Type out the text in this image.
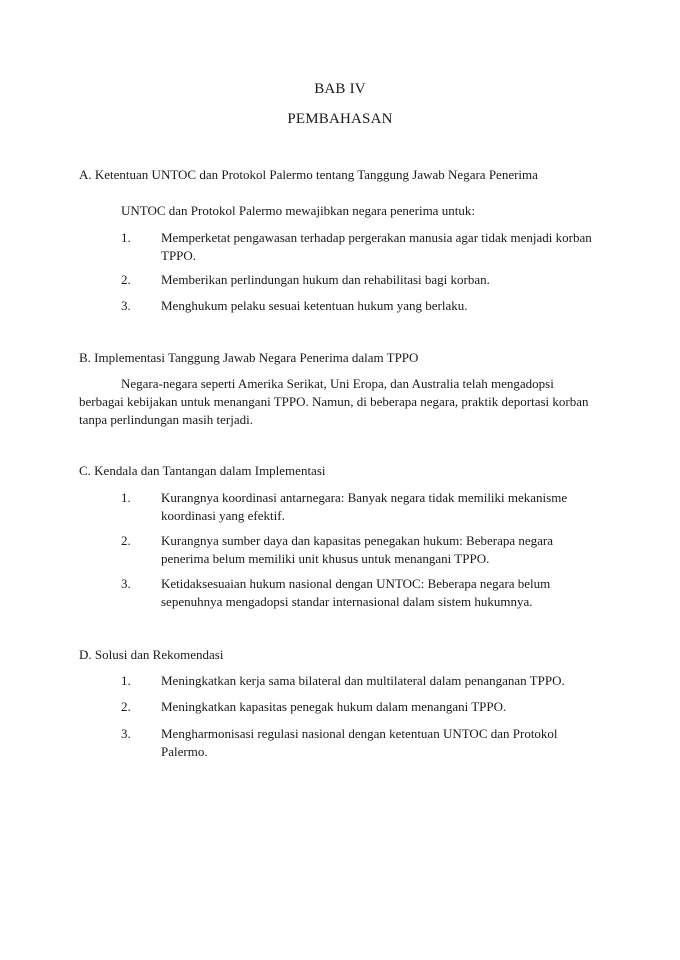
BAB IV
PEMBAHASAN
A. Ketentuan UNTOC dan Protokol Palermo tentang Tanggung Jawab Negara Penerima
UNTOC dan Protokol Palermo mewajibkan negara penerima untuk:
1.	Memperketat pengawasan terhadap pergerakan manusia agar tidak menjadi korban TPPO.
2.	Memberikan perlindungan hukum dan rehabilitasi bagi korban.
3.	Menghukum pelaku sesuai ketentuan hukum yang berlaku.
B. Implementasi Tanggung Jawab Negara Penerima dalam TPPO
Negara-negara seperti Amerika Serikat, Uni Eropa, dan Australia telah mengadopsi berbagai kebijakan untuk menangani TPPO. Namun, di beberapa negara, praktik deportasi korban tanpa perlindungan masih terjadi.
C. Kendala dan Tantangan dalam Implementasi
1.	Kurangnya koordinasi antarnegara: Banyak negara tidak memiliki mekanisme koordinasi yang efektif.
2.	Kurangnya sumber daya dan kapasitas penegakan hukum: Beberapa negara penerima belum memiliki unit khusus untuk menangani TPPO.
3.	Ketidaksesuaian hukum nasional dengan UNTOC: Beberapa negara belum sepenuhnya mengadopsi standar internasional dalam sistem hukumnya.
D. Solusi dan Rekomendasi
1.	Meningkatkan kerja sama bilateral dan multilateral dalam penanganan TPPO.
2.	Meningkatkan kapasitas penegak hukum dalam menangani TPPO.
3.	Mengharmonisasi regulasi nasional dengan ketentuan UNTOC dan Protokol Palermo.
